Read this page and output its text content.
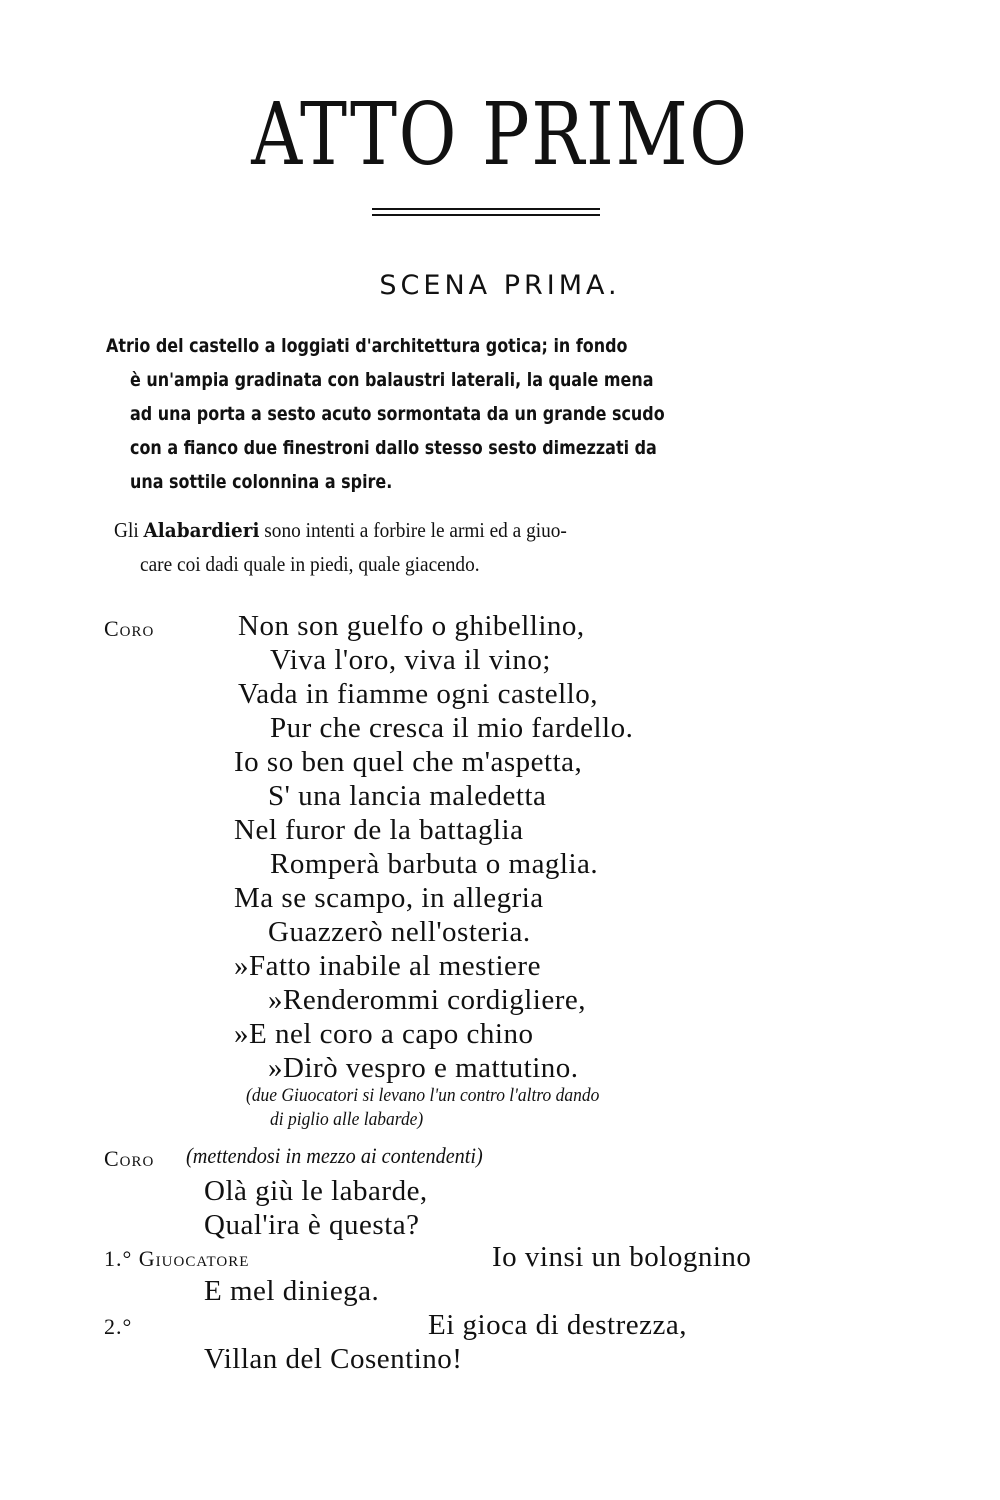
ATTO PRIMO
SCENA PRIMA.
Atrio del castello a loggiati d'architettura gotica; in fondo
è un'ampia gradinata con balaustri laterali, la quale mena
ad una porta a sesto acuto sormontata da un grande scudo
con a fianco due finestroni dallo stesso sesto dimezzati da
una sottile colonnina a spire.
Gli Alabardieri sono intenti a forbire le armi ed a giuo-
care coi dadi quale in piedi, quale giacendo.
Coro	Non son guelfo o ghibellino,
Viva l'oro, viva il vino;
Vada in fiamme ogni castello,
Pur che cresca il mio fardello.
Io so ben quel che m'aspetta,
S' una lancia maledetta
Nel furor de la battaglia
Romperà barbuta o maglia.
Ma se scampo, in allegria
Guazzerò nell'osteria.
»Fatto inabile al mestiere
»Renderommi cordigliere,
»E nel coro a capo chino
»Dirò vespro e mattutino.
(due Giuocatori si levano l'un contro l'altro dando
di piglio alle labarde)
Coro (mettendosi in mezzo ai contendenti)
Olà giù le labarde,
Qual'ira è questa?
1.° Giuocatore	Io vinsi un bolognino
E mel diniega.
2.°	Ei gioca di destrezza,
Villan del Cosentino!
